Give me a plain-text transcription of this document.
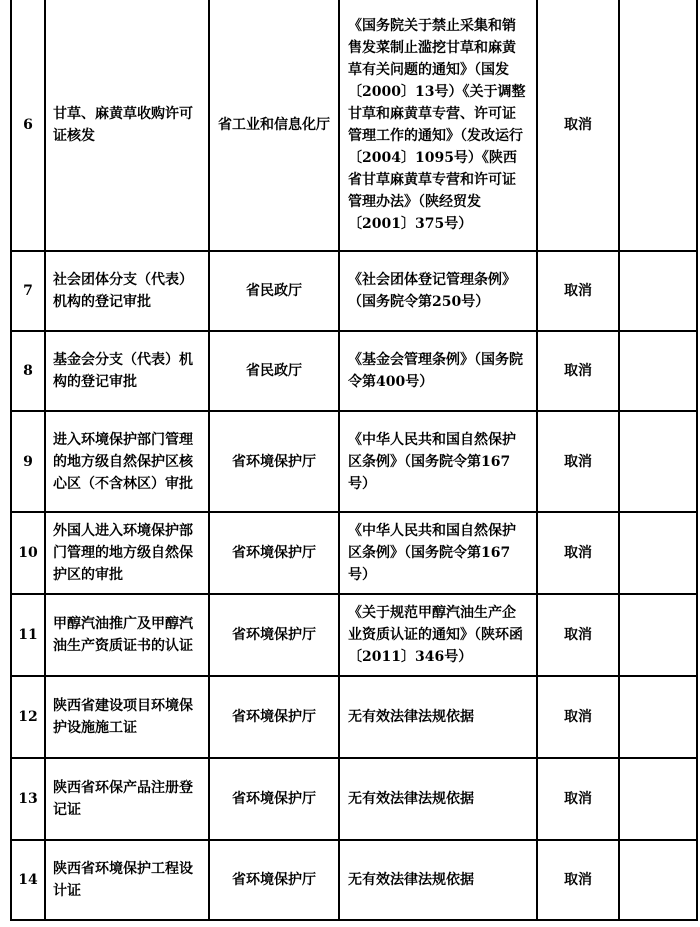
6	甘草、麻黄草收购许可证核发	省工业和信息化厅	《国务院关于禁止采集和销售发菜制止滥挖甘草和麻黄草有关问题的通知》（国发〔2000〕13号）《关于调整甘草和麻黄草专营、许可证管理工作的通知》（发改运行〔2004〕1095号）《陕西省甘草麻黄草专营和许可证管理办法》（陕经贸发〔2001〕375号）	取消	
7	社会团体分支（代表）机构的登记审批	省民政厅	《社会团体登记管理条例》（国务院令第250号）	取消	
8	基金会分支（代表）机构的登记审批	省民政厅	《基金会管理条例》（国务院令第400号）	取消	
9	进入环境保护部门管理的地方级自然保护区核心区（不含林区）审批	省环境保护厅	《中华人民共和国自然保护区条例》（国务院令第167号）	取消	
10	外国人进入环境保护部门管理的地方级自然保护区的审批	省环境保护厅	《中华人民共和国自然保护区条例》（国务院令第167号）	取消	
11	甲醇汽油推广及甲醇汽油生产资质证书的认证	省环境保护厅	《关于规范甲醇汽油生产企业资质认证的通知》（陕环函〔2011〕346号）	取消	
12	陕西省建设项目环境保护设施施工证	省环境保护厅	无有效法律法规依据	取消	
13	陕西省环保产品注册登记证	省环境保护厅	无有效法律法规依据	取消	
14	陕西省环境保护工程设计证	省环境保护厅	无有效法律法规依据	取消	
